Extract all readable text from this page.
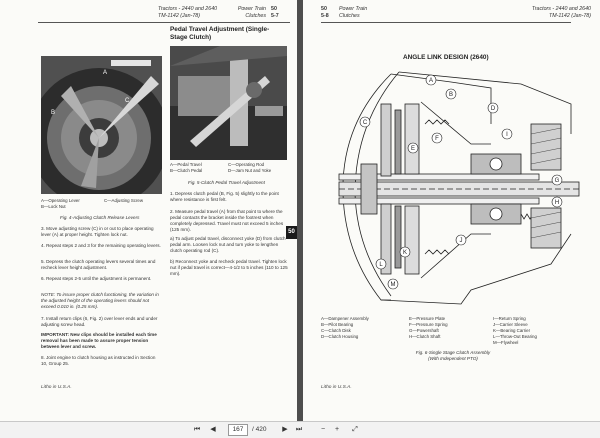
Tractors - 2440 and 2640
TM-1142 (Jan-78)
Power Train
Clutches
50
5-7
A
B
C
A—Operating Lever
B—Lock Nut
C—Adjusting Screw
Fig. 4-Adjusting Clutch Release Levers
3. Move adjusting screw (C) in or out to place operating lever (A) at proper height. Tighten lock nut.
4. Repeat steps 2 and 3 for the remaining operating levers.
5. Depress the clutch operating levers several times and recheck lever height adjustment.
6. Repeat steps 2-5 until the adjustment is permanent.
NOTE: To insure proper clutch functioning, the variation in the adjusted height of the operating levers should not exceed 0.010 in. (0.25 mm).
7. Install return clips (6, Fig. 2) over lever ends and under adjusting screw head.
IMPORTANT: New clips should be installed each time removal has been made to assure proper tension between lever and screw.
8. Joint engine to clutch housing as instructed in Section 10, Group 25.
Pedal Travel Adjustment (Single-Stage Clutch)
A—Pedal Travel
B—Clutch Pedal
C—Operating Rod
D—Jam Nut and Yoke
Fig. 5-Clutch Pedal Travel Adjustment
1. Depress clutch pedal (B, Fig. 5) slightly to the point where resistance is first felt.
2. Measure pedal travel (A) from that point to where the pedal contacts the bracket inside the footrest when completely depressed. Travel must not exceed 5 inches (125 mm).
a) To adjust pedal travel, disconnect yoke (D) from clutch pedal arm. Loosen lock nut and turn yoke to lengthen clutch operating rod (C).
b) Reconnect yoke and recheck pedal travel. Tighten lock nut if pedal travel is correct—4-1/2 to 5 inches (110 to 125 mm).
Litho in U.S.A.
50
50
5-8
Power Train
Clutches
Tractors - 2440 and 2640
TM-1142 (Jan-78)
ANGLE LINK DESIGN (2640)
A
B
C
D
E
F
G
H
I
J
K
L
M
A—Dampener Assembly
B—Pilot Bearing
C—Clutch Disk
D—Clutch Housing
E—Pressure Plate
F—Pressure Spring
G—Powershaft
H—Clutch Shaft
I—Return Spring
J—Carrier Sleeve
K—Bearing Carrier
L—Throw-Out Bearing
M—Flywheel
Fig. 6-Single Stage Clutch Assembly
(With Independent PTO)
Litho in U.S.A.
⏮	◀	167	/ 420	▶	⏭	−	+	⤢
